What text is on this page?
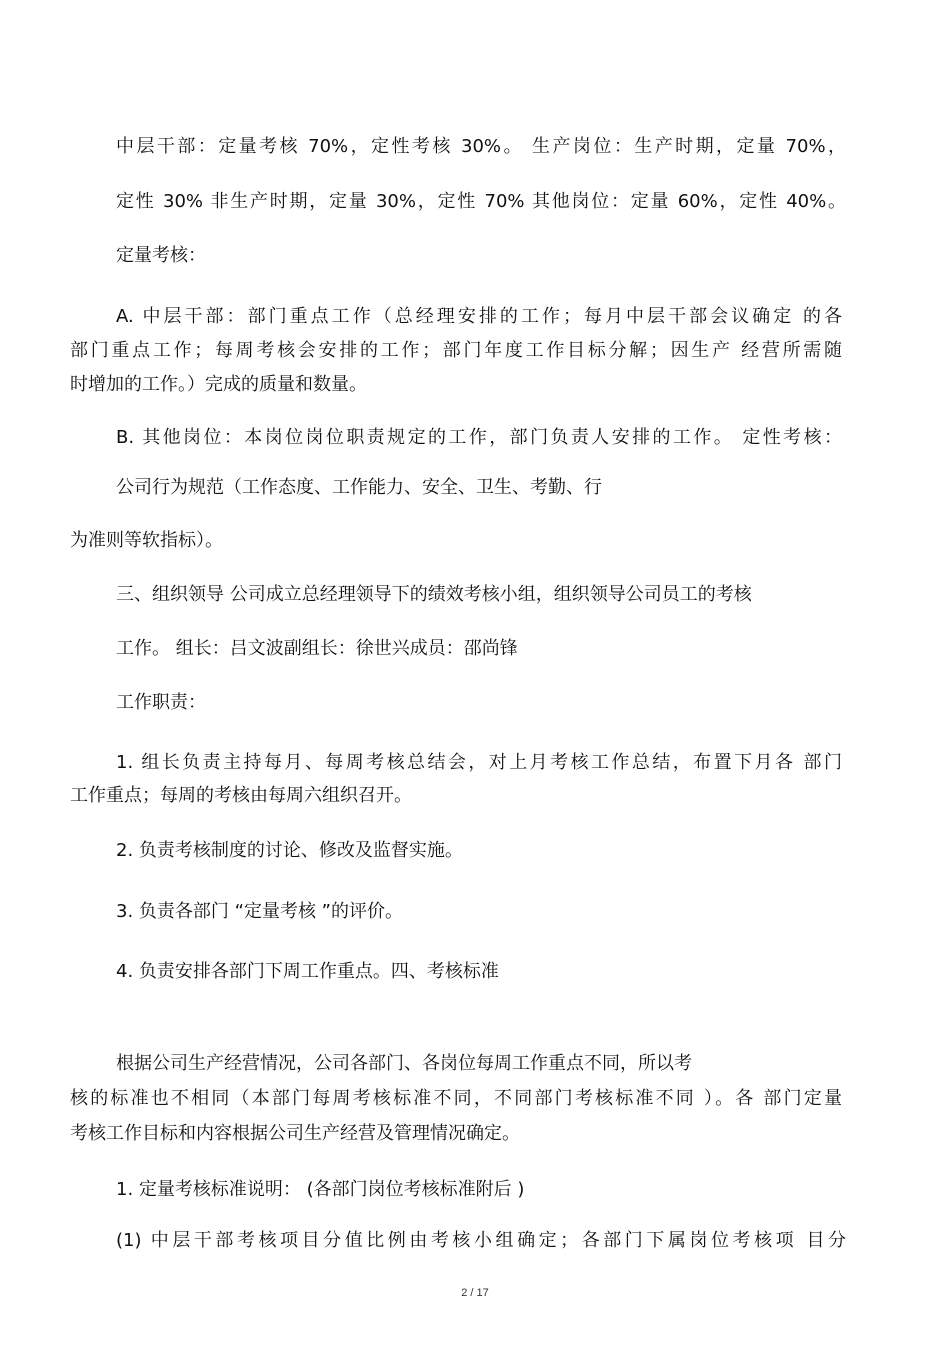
中层干部：定量考核 70%，定性考核 30%。 生产岗位：生产时期，定量 70%，

定性 30% 非生产时期，定量 30%，定性 70% 其他岗位：定量 60%，定性 40%。

定量考核：

A. 中层干部：部门重点工作（总经理安排的工作；每月中层干部会议确定 的各

部门重点工作；每周考核会安排的工作；部门年度工作目标分解；因生产 经营所需随

时增加的工作。）完成的质量和数量。

B. 其他岗位：本岗位岗位职责规定的工作，部门负责人安排的工作。 定性考核：

公司行为规范（工作态度、工作能力、安全、卫生、考勤、行

为准则等软指标）。

三、组织领导 公司成立总经理领导下的绩效考核小组，组织领导公司员工的考核

工作。 组长：吕文波副组长：徐世兴成员：邵尚锋

工作职责：

1. 组长负责主持每月、每周考核总结会，对上月考核工作总结，布置下月各 部门

工作重点；每周的考核由每周六组织召开。

2. 负责考核制度的讨论、修改及监督实施。

3. 负责各部门 “定量考核 ”的评价。

4. 负责安排各部门下周工作重点。四、考核标准

根据公司生产经营情况，公司各部门、各岗位每周工作重点不同，所以考

核的标准也不相同（本部门每周考核标准不同，不同部门考核标准不同 ）。各 部门定量

考核工作目标和内容根据公司生产经营及管理情况确定。

1. 定量考核标准说明： (各部门岗位考核标准附后 )

(1) 中层干部考核项目分值比例由考核小组确定；各部门下属岗位考核项 目分

2 / 17
